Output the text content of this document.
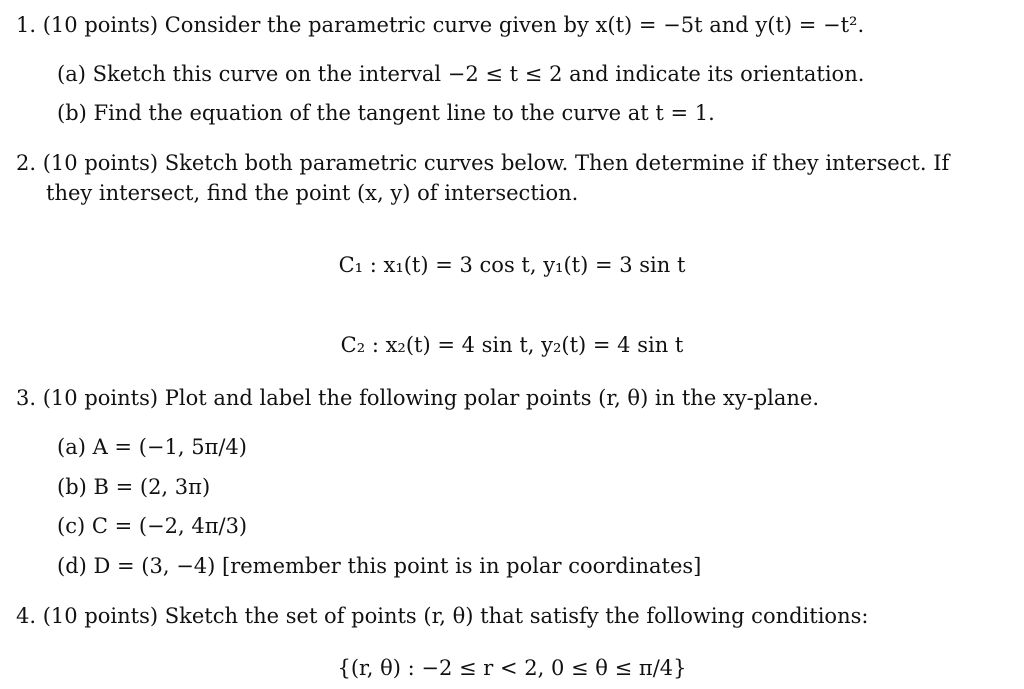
1. (10 points) Consider the parametric curve given by x(t) = −5t and y(t) = −t².
(a) Sketch this curve on the interval −2 ≤ t ≤ 2 and indicate its orientation.
(b) Find the equation of the tangent line to the curve at t = 1.
2. (10 points) Sketch both parametric curves below. Then determine if they intersect. If
they intersect, find the point (x, y) of intersection.
C₁ : x₁(t) = 3 cos t, y₁(t) = 3 sin t
C₂ : x₂(t) = 4 sin t, y₂(t) = 4 sin t
3. (10 points) Plot and label the following polar points (r, θ) in the xy-plane.
(a) A = (−1, 5π/4)
(b) B = (2, 3π)
(c) C = (−2, 4π/3)
(d) D = (3, −4) [remember this point is in polar coordinates]
4. (10 points) Sketch the set of points (r, θ) that satisfy the following conditions:
{(r, θ) : −2 ≤ r < 2, 0 ≤ θ ≤ π/4}
